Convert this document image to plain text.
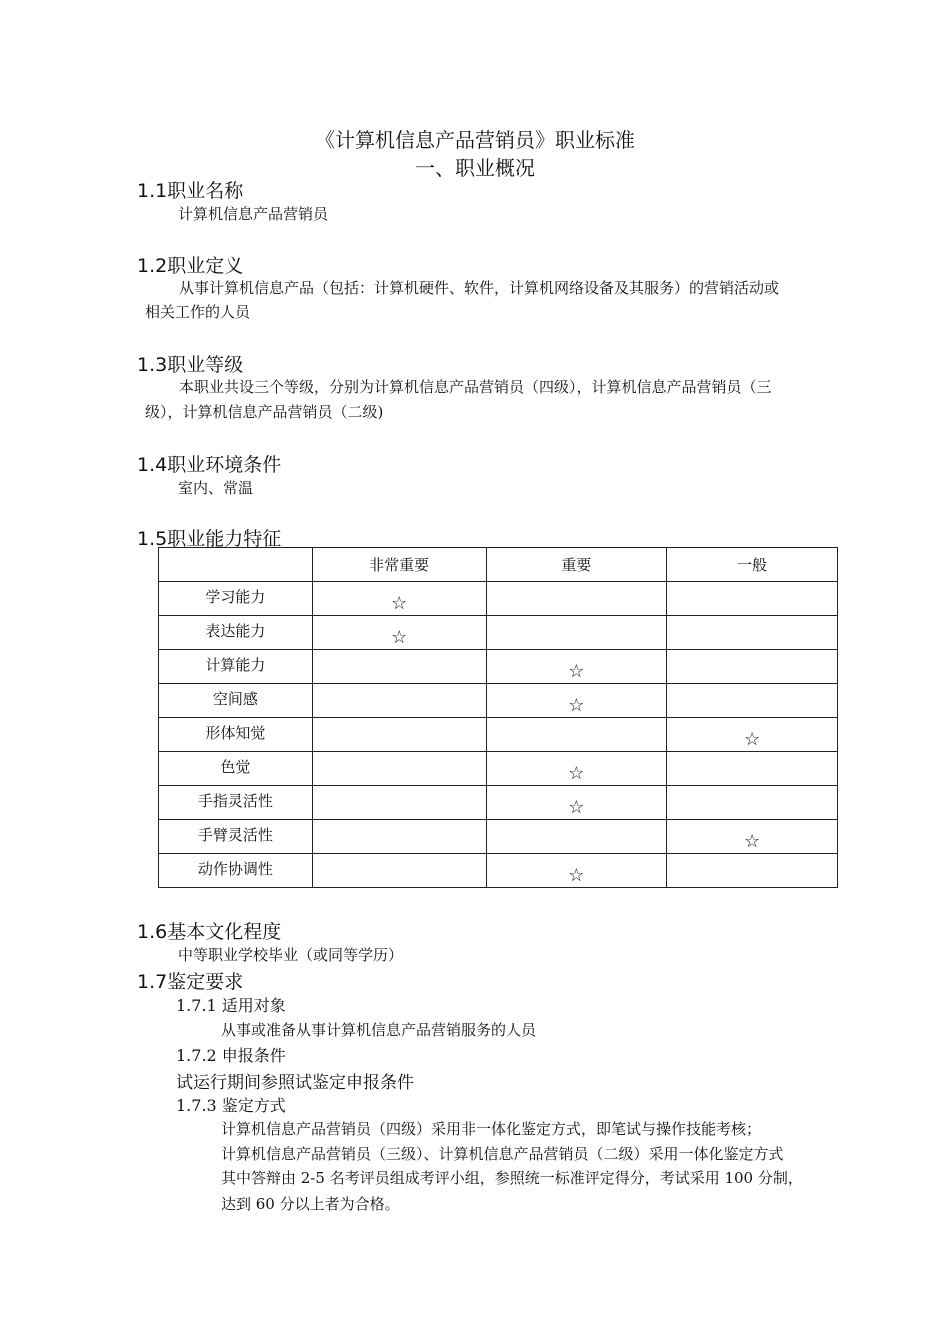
《计算机信息产品营销员》职业标准
一、职业概况
1.1职业名称
计算机信息产品营销员
1.2职业定义
从事计算机信息产品（包括：计算机硬件、软件，计算机网络设备及其服务）的营销活动或
相关工作的人员
1.3职业等级
本职业共设三个等级，分别为计算机信息产品营销员（四级），计算机信息产品营销员（三
级），计算机信息产品营销员（二级)
1.4职业环境条件
室内、常温
1.5职业能力特征
	非常重要	重要	一般
学习能力	☆		
表达能力	☆		
计算能力		☆	
空间感		☆	
形体知觉			☆
色觉		☆	
手指灵活性		☆	
手臂灵活性			☆
动作协调性		☆	
1.6基本文化程度
中等职业学校毕业（或同等学历）
1.7鉴定要求
1.7.1 适用对象
从事或准备从事计算机信息产品营销服务的人员
1.7.2 申报条件
试运行期间参照试鉴定申报条件
1.7.3 鉴定方式
计算机信息产品营销员（四级）采用非一体化鉴定方式，即笔试与操作技能考核；
计算机信息产品营销员（三级）、计算机信息产品营销员（二级）采用一体化鉴定方式
其中答辩由 2-5 名考评员组成考评小组，参照统一标准评定得分，考试采用 100 分制，
达到 60 分以上者为合格。
